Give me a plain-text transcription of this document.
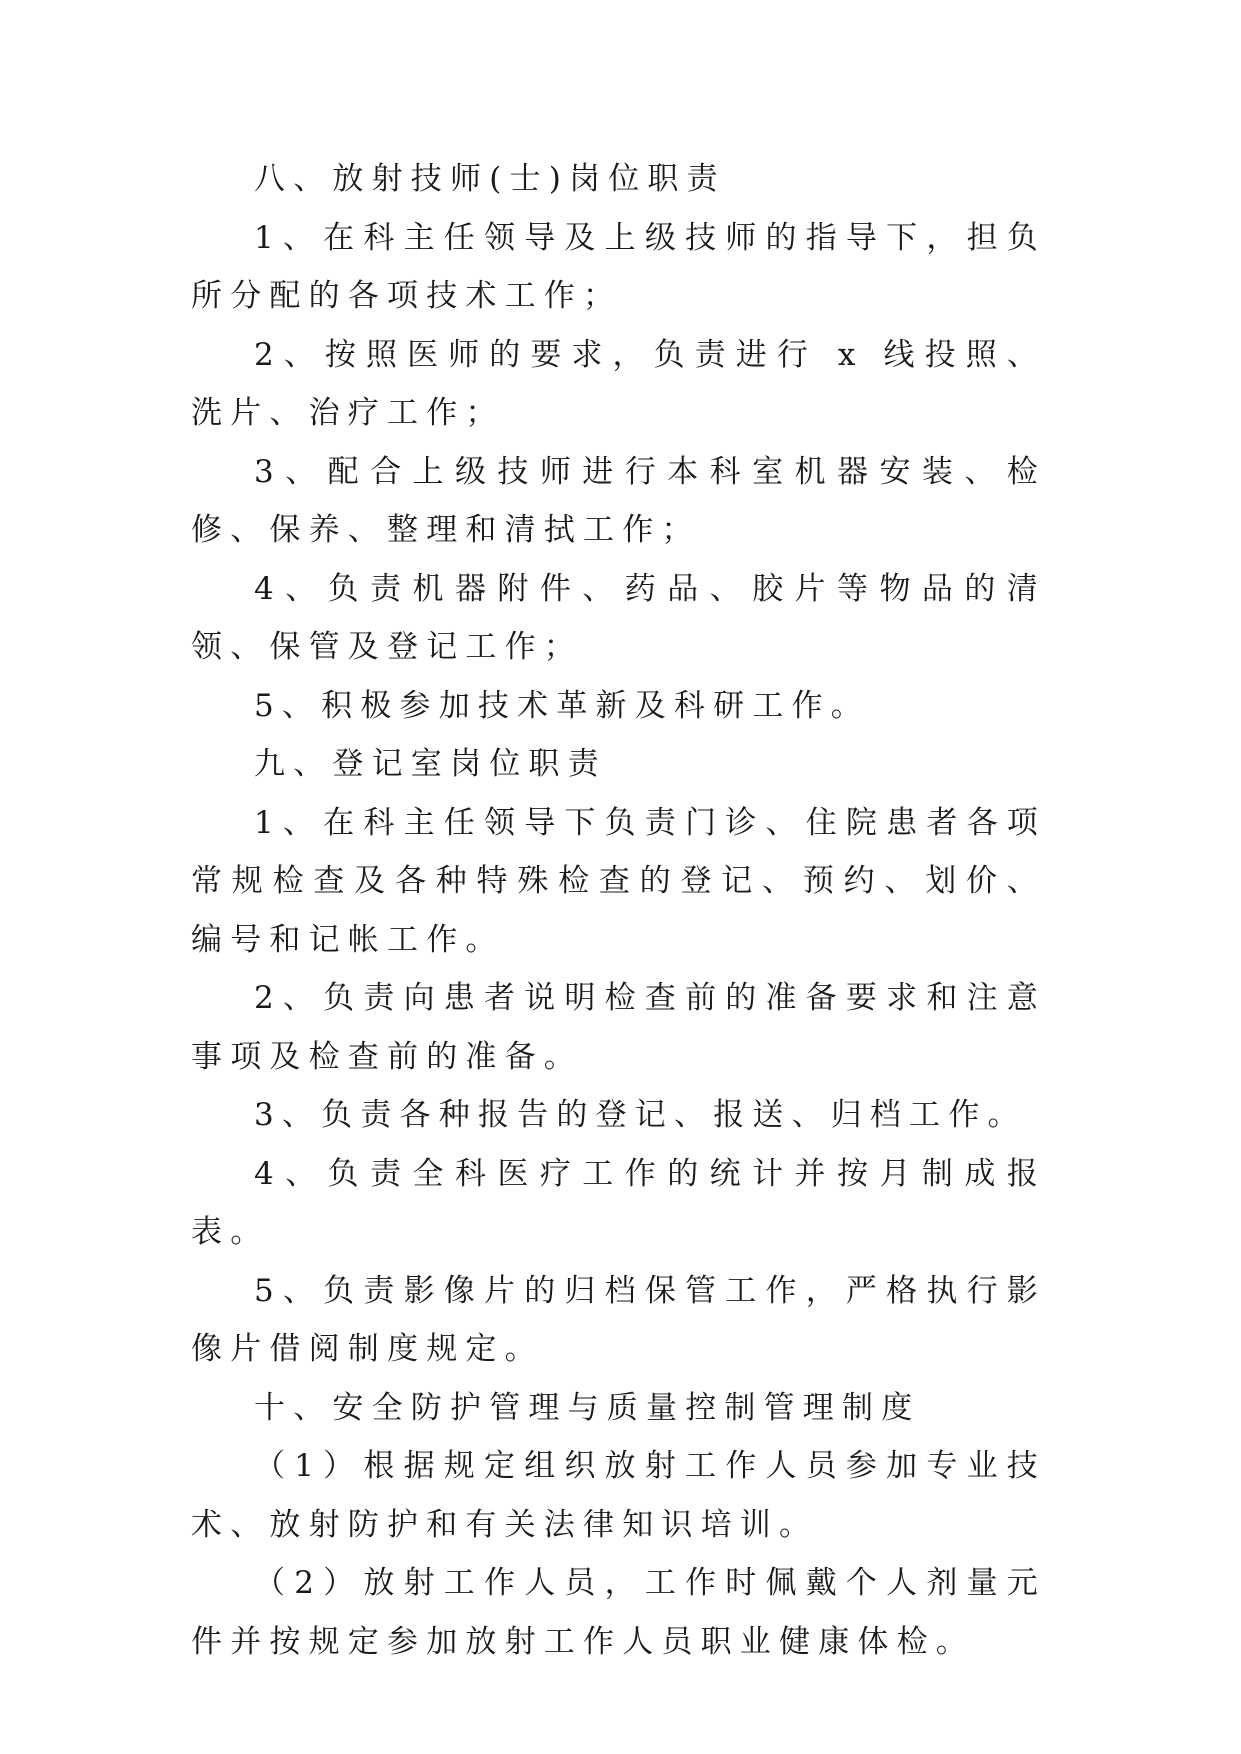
八、放射技师(士)岗位职责

1、在科主任领导及上级技师的指导下，担负所分配的各项技术工作；

2、按照医师的要求，负责进行 x 线投照、洗片、治疗工作；

3、配合上级技师进行本科室机器安装、检修、保养、整理和清拭工作；

4、负责机器附件、药品、胶片等物品的清领、保管及登记工作；

5、积极参加技术革新及科研工作。

九、登记室岗位职责

1、在科主任领导下负责门诊、住院患者各项常规检查及各种特殊检查的登记、预约、划价、编号和记帐工作。

2、负责向患者说明检查前的准备要求和注意事项及检查前的准备。

3、负责各种报告的登记、报送、归档工作。

4、负责全科医疗工作的统计并按月制成报表。

5、负责影像片的归档保管工作，严格执行影像片借阅制度规定。

十、安全防护管理与质量控制管理制度

（1）根据规定组织放射工作人员参加专业技术、放射防护和有关法律知识培训。

（2）放射工作人员，工作时佩戴个人剂量元件并按规定参加放射工作人员职业健康体检。
